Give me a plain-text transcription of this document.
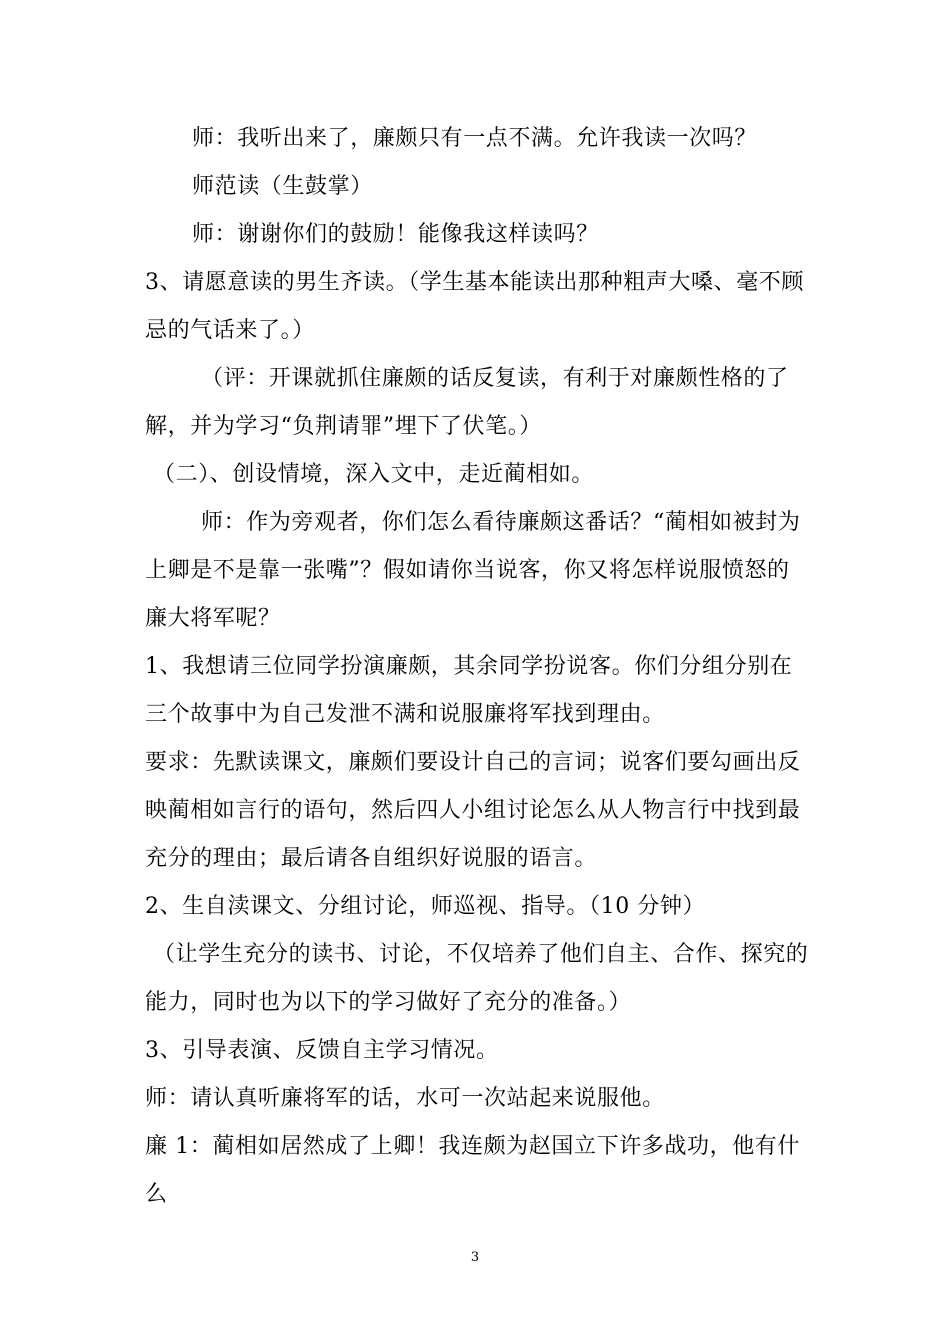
师：我听出来了，廉颇只有一点不满。允许我读一次吗？

师范读（生鼓掌）

师：谢谢你们的鼓励！能像我这样读吗？

3、请愿意读的男生齐读。（学生基本能读出那种粗声大嗓、毫不顾忌的气话来了。）

（评：开课就抓住廉颇的话反复读，有利于对廉颇性格的了解，并为学习“负荆请罪”埋下了伏笔。）

（二）、创设情境，深入文中，走近蔺相如。

师：作为旁观者，你们怎么看待廉颇这番话？“蔺相如被封为上卿是不是靠一张嘴”？假如请你当说客，你又将怎样说服愤怒的廉大将军呢？

1、我想请三位同学扮演廉颇，其余同学扮说客。你们分组分别在三个故事中为自己发泄不满和说服廉将军找到理由。

要求：先默读课文，廉颇们要设计自己的言词；说客们要勾画出反映蔺相如言行的语句，然后四人小组讨论怎么从人物言行中找到最充分的理由；最后请各自组织好说服的语言。

2、生自渎课文、分组讨论，师巡视、指导。（10 分钟）

（让学生充分的读书、讨论，不仅培养了他们自主、合作、探究的能力，同时也为以下的学习做好了充分的准备。）

3、引导表演、反馈自主学习情况。

师：请认真听廉将军的话，水可一次站起来说服他。

廉 1：蔺相如居然成了上卿！我连颇为赵国立下许多战功，他有什么

3
